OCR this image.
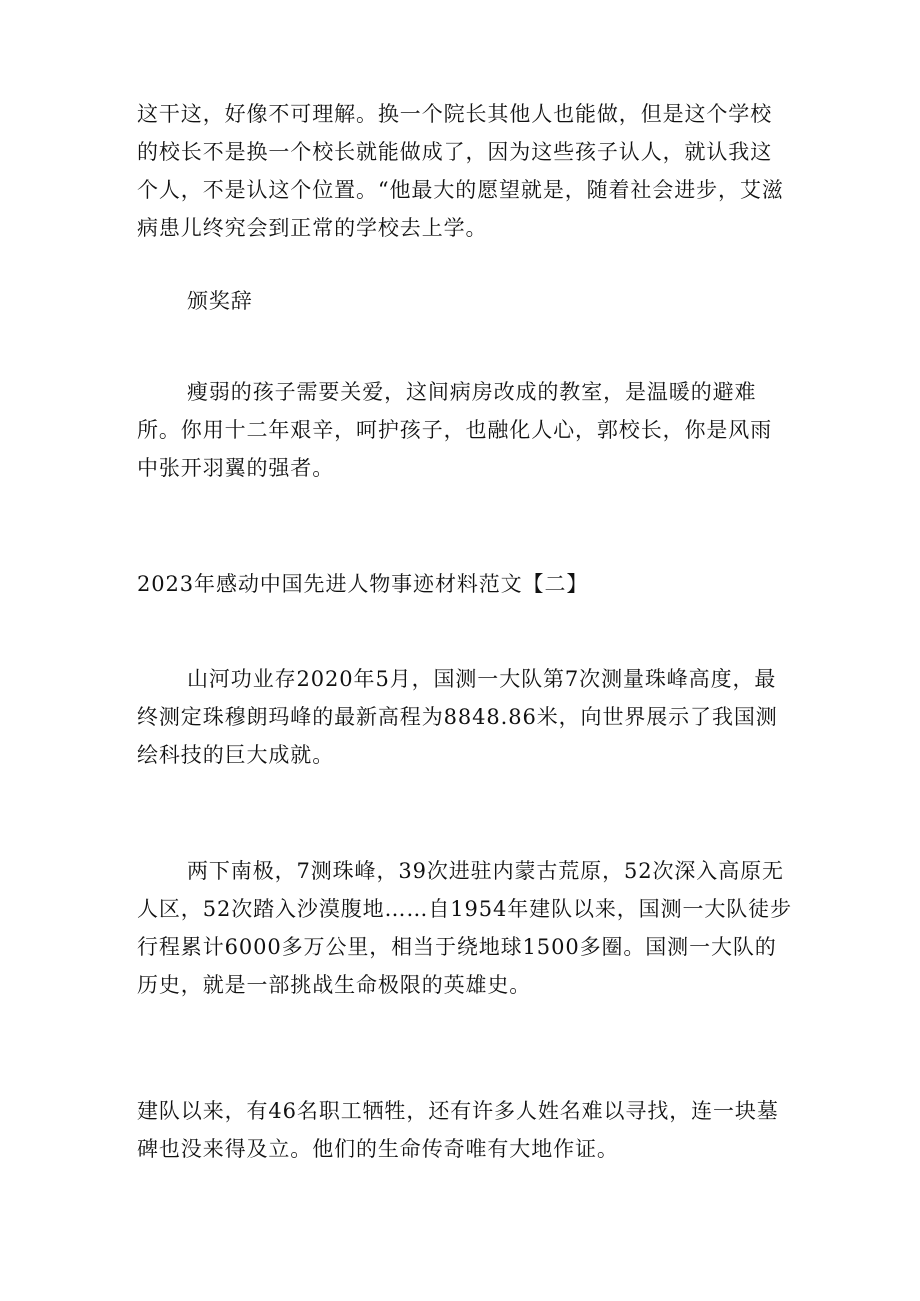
这干这，好像不可理解。换一个院长其他人也能做，但是这个学校的校长不是换一个校长就能做成了，因为这些孩子认人，就认我这个人，不是认这个位置。“他最大的愿望就是，随着社会进步，艾滋病患儿终究会到正常的学校去上学。

颁奖辞

瘦弱的孩子需要关爱，这间病房改成的教室，是温暖的避难所。你用十二年艰辛，呵护孩子，也融化人心，郭校长，你是风雨中张开羽翼的强者。

2023年感动中国先进人物事迹材料范文【二】

山河功业存2020年5月，国测一大队第7次测量珠峰高度，最终测定珠穆朗玛峰的最新高程为8848.86米，向世界展示了我国测绘科技的巨大成就。

两下南极，7测珠峰，39次进驻内蒙古荒原，52次深入高原无人区，52次踏入沙漠腹地……自1954年建队以来，国测一大队徒步行程累计6000多万公里，相当于绕地球1500多圈。国测一大队的历史，就是一部挑战生命极限的英雄史。

建队以来，有46名职工牺牲，还有许多人姓名难以寻找，连一块墓碑也没来得及立。他们的生命传奇唯有大地作证。
